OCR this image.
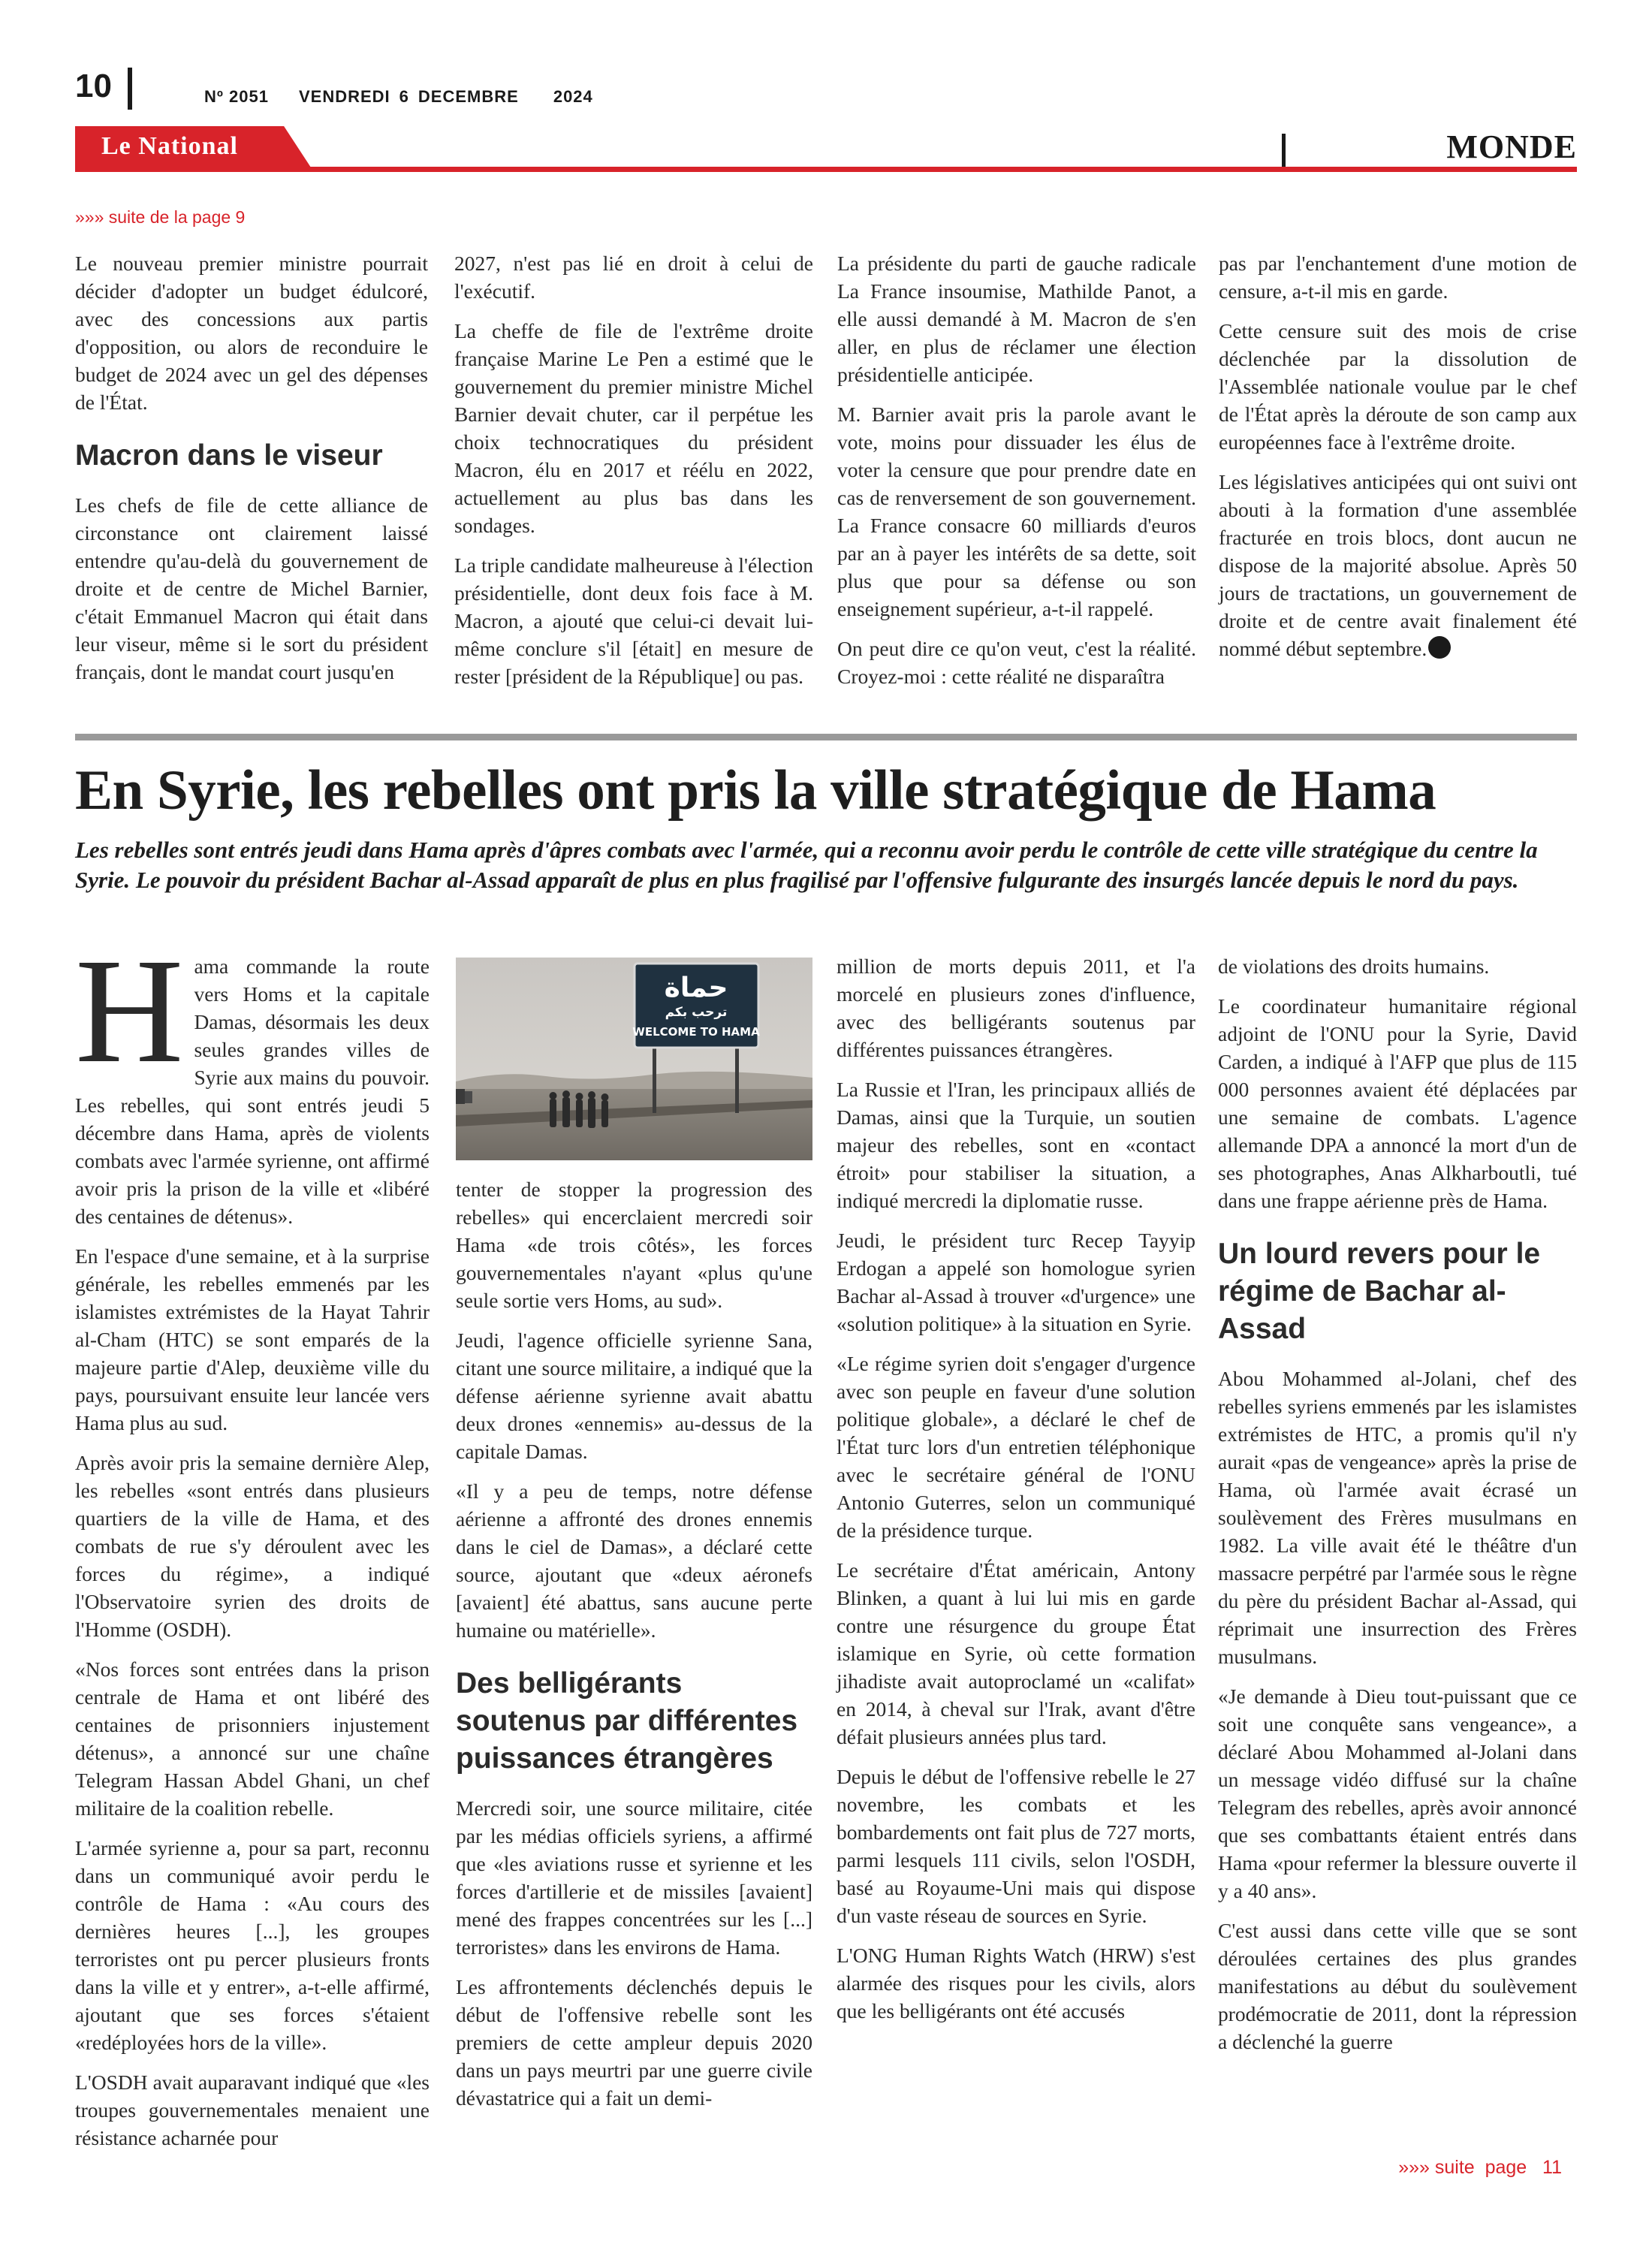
10	Nº 2051 VENDREDI 6 DECEMBRE 2024
Le National	MONDE
»»» suite de la page 9

Le nouveau premier ministre pourrait décider d'adopter un budget édulcoré, avec des concessions aux partis d'opposition, ou alors de reconduire le budget de 2024 avec un gel des dépenses de l'État.

Macron dans le viseur

Les chefs de file de cette alliance de circonstance ont clairement laissé entendre qu'au-delà du gouvernement de droite et de centre de Michel Barnier, c'était Emmanuel Macron qui était dans leur viseur, même si le sort du président français, dont le mandat court jusqu'en

2027, n'est pas lié en droit à celui de l'exécutif.

La cheffe de file de l'extrême droite française Marine Le Pen a estimé que le gouvernement du premier ministre Michel Barnier devait chuter, car il perpétue les choix technocratiques du président Macron, élu en 2017 et réélu en 2022, actuellement au plus bas dans les sondages.

La triple candidate malheureuse à l'élection présidentielle, dont deux fois face à M. Macron, a ajouté que celui-ci devait lui-même conclure s'il [était] en mesure de rester [président de la République] ou pas.

La présidente du parti de gauche radicale La France insoumise, Mathilde Panot, a elle aussi demandé à M. Macron de s'en aller, en plus de réclamer une élection présidentielle anticipée.

M. Barnier avait pris la parole avant le vote, moins pour dissuader les élus de voter la censure que pour prendre date en cas de renversement de son gouvernement. La France consacre 60 milliards d'euros par an à payer les intérêts de sa dette, soit plus que pour sa défense ou son enseignement supérieur, a-t-il rappelé.

On peut dire ce qu'on veut, c'est la réalité. Croyez-moi : cette réalité ne disparaîtra

pas par l'enchantement d'une motion de censure, a-t-il mis en garde.

Cette censure suit des mois de crise déclenchée par la dissolution de l'Assemblée nationale voulue par le chef de l'État après la déroute de son camp aux européennes face à l'extrême droite.

Les législatives anticipées qui ont suivi ont abouti à la formation d'une assemblée fracturée en trois blocs, dont aucun ne dispose de la majorité absolue. Après 50 jours de tractations, un gouvernement de droite et de centre avait finalement été nommé début septembre.

En Syrie, les rebelles ont pris la ville stratégique de Hama
Les rebelles sont entrés jeudi dans Hama après d'âpres combats avec l'armée, qui a reconnu avoir perdu le contrôle de cette ville stratégique du centre la Syrie. Le pouvoir du président Bachar al-Assad apparaît de plus en plus fragilisé par l'offensive fulgurante des insurgés lancée depuis le nord du pays.

Hama commande la route vers Homs et la capitale Damas, désormais les deux seules grandes villes de Syrie aux mains du pouvoir. Les rebelles, qui sont entrés jeudi 5 décembre dans Hama, après de violents combats avec l'armée syrienne, ont affirmé avoir pris la prison de la ville et «libéré des centaines de détenus».

En l'espace d'une semaine, et à la surprise générale, les rebelles emmenés par les islamistes extrémistes de la Hayat Tahrir al-Cham (HTC) se sont emparés de la majeure partie d'Alep, deuxième ville du pays, poursuivant ensuite leur lancée vers Hama plus au sud.

Après avoir pris la semaine dernière Alep, les rebelles «sont entrés dans plusieurs quartiers de la ville de Hama, et des combats de rue s'y déroulent avec les forces du régime», a indiqué l'Observatoire syrien des droits de l'Homme (OSDH).

«Nos forces sont entrées dans la prison centrale de Hama et ont libéré des centaines de prisonniers injustement détenus», a annoncé sur une chaîne Telegram Hassan Abdel Ghani, un chef militaire de la coalition rebelle.

L'armée syrienne a, pour sa part, reconnu dans un communiqué avoir perdu le contrôle de Hama : «Au cours des dernières heures [...], les groupes terroristes ont pu percer plusieurs fronts dans la ville et y entrer», a-t-elle affirmé, ajoutant que ses forces s'étaient «redéployées hors de la ville».

L'OSDH avait auparavant indiqué que «les troupes gouvernementales menaient une résistance acharnée pour

حماة
ترحب بكم
WELCOME TO HAMA

tenter de stopper la progression des rebelles» qui encerclaient mercredi soir Hama «de trois côtés», les forces gouvernementales n'ayant «plus qu'une seule sortie vers Homs, au sud».

Jeudi, l'agence officielle syrienne Sana, citant une source militaire, a indiqué que la défense aérienne syrienne avait abattu deux drones «ennemis» au-dessus de la capitale Damas.

«Il y a peu de temps, notre défense aérienne a affronté des drones ennemis dans le ciel de Damas», a déclaré cette source, ajoutant que «deux aéronefs [avaient] été abattus, sans aucune perte humaine ou matérielle».

Des belligérants soutenus par différentes puissances étrangères

Mercredi soir, une source militaire, citée par les médias officiels syriens, a affirmé que «les aviations russe et syrienne et les forces d'artillerie et de missiles [avaient] mené des frappes concentrées sur les [...] terroristes» dans les environs de Hama.

Les affrontements déclenchés depuis le début de l'offensive rebelle sont les premiers de cette ampleur depuis 2020 dans un pays meurtri par une guerre civile dévastatrice qui a fait un demi-

million de morts depuis 2011, et l'a morcelé en plusieurs zones d'influence, avec des belligérants soutenus par différentes puissances étrangères.

La Russie et l'Iran, les principaux alliés de Damas, ainsi que la Turquie, un soutien majeur des rebelles, sont en «contact étroit» pour stabiliser la situation, a indiqué mercredi la diplomatie russe.

Jeudi, le président turc Recep Tayyip Erdogan a appelé son homologue syrien Bachar al-Assad à trouver «d'urgence» une «solution politique» à la situation en Syrie.

«Le régime syrien doit s'engager d'urgence avec son peuple en faveur d'une solution politique globale», a déclaré le chef de l'État turc lors d'un entretien téléphonique avec le secrétaire général de l'ONU Antonio Guterres, selon un communiqué de la présidence turque.

Le secrétaire d'État américain, Antony Blinken, a quant à lui lui mis en garde contre une résurgence du groupe État islamique en Syrie, où cette formation jihadiste avait autoproclamé un «califat» en 2014, à cheval sur l'Irak, avant d'être défait plusieurs années plus tard.

Depuis le début de l'offensive rebelle le 27 novembre, les combats et les bombardements ont fait plus de 727 morts, parmi lesquels 111 civils, selon l'OSDH, basé au Royaume-Uni mais qui dispose d'un vaste réseau de sources en Syrie.

L'ONG Human Rights Watch (HRW) s'est alarmée des risques pour les civils, alors que les belligérants ont été accusés

de violations des droits humains.

Le coordinateur humanitaire régional adjoint de l'ONU pour la Syrie, David Carden, a indiqué à l'AFP que plus de 115 000 personnes avaient été déplacées par une semaine de combats. L'agence allemande DPA a annoncé la mort d'un de ses photographes, Anas Alkharboutli, tué dans une frappe aérienne près de Hama.

Un lourd revers pour le régime de Bachar al-Assad

Abou Mohammed al-Jolani, chef des rebelles syriens emmenés par les islamistes extrémistes de HTC, a promis qu'il n'y aurait «pas de vengeance» après la prise de Hama, où l'armée avait écrasé un soulèvement des Frères musulmans en 1982. La ville avait été le théâtre d'un massacre perpétré par l'armée sous le règne du père du président Bachar al-Assad, qui réprimait une insurrection des Frères musulmans.

«Je demande à Dieu tout-puissant que ce soit une conquête sans vengeance», a déclaré Abou Mohammed al-Jolani dans un message vidéo diffusé sur la chaîne Telegram des rebelles, après avoir annoncé que ses combattants étaient entrés dans Hama «pour refermer la blessure ouverte il y a 40 ans».

C'est aussi dans cette ville que se sont déroulées certaines des plus grandes manifestations au début du soulèvement prodémocratie de 2011, dont la répression a déclenché la guerre

»»» suite  page   11
